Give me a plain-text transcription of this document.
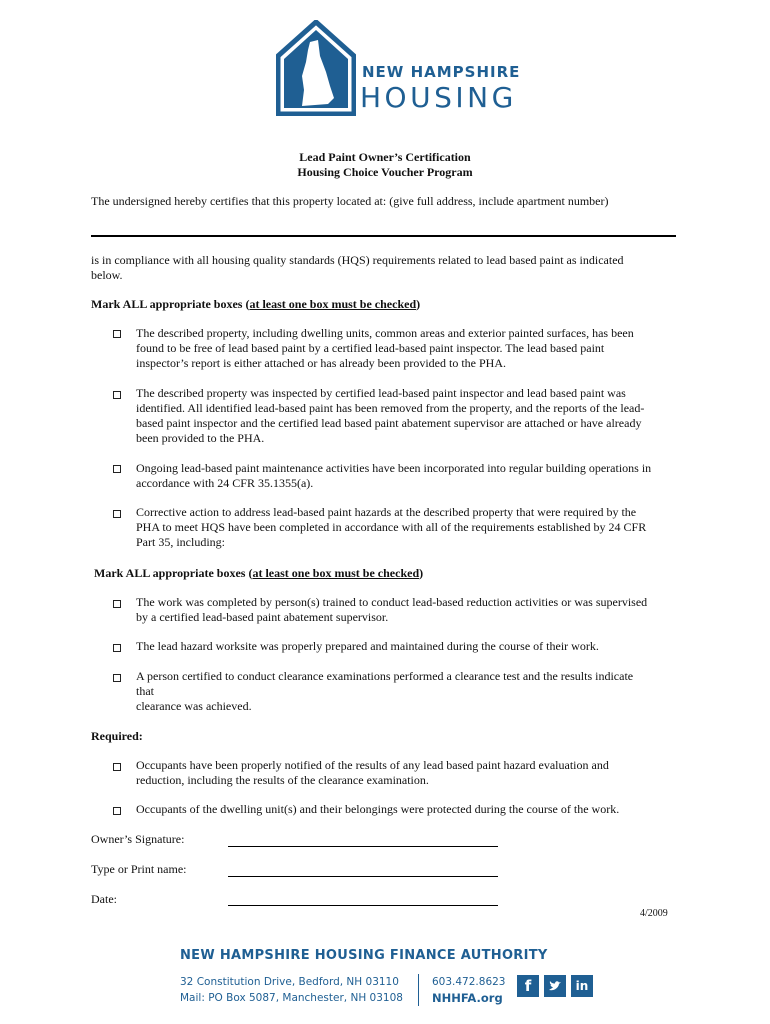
NEW HAMPSHIRE
HOUSING
Lead Paint Owner’s Certification
Housing Choice Voucher Program
The undersigned hereby certifies that this property located at: (give full address, include apartment number)
is in compliance with all housing quality standards (HQS) requirements related to lead based paint as indicated
below.
Mark ALL appropriate boxes (at least one box must be checked)
The described property, including dwelling units, common areas and exterior painted surfaces, has been
found to be free of lead based paint by a certified lead-based paint inspector. The lead based paint
inspector’s report is either attached or has already been provided to the PHA.
The described property was inspected by certified lead-based paint inspector and lead based paint was
identified. All identified lead-based paint has been removed from the property, and the reports of the lead-
based paint inspector and the certified lead based paint abatement supervisor are attached or have already
been provided to the PHA.
Ongoing lead-based paint maintenance activities have been incorporated into regular building operations in
accordance with 24 CFR 35.1355(a).
Corrective action to address lead-based paint hazards at the described property that were required by the
PHA to meet HQS have been completed in accordance with all of the requirements established by 24 CFR
Part 35, including:
Mark ALL appropriate boxes (at least one box must be checked)
The work was completed by person(s) trained to conduct lead-based reduction activities or was supervised
by a certified lead-based paint abatement supervisor.
The lead hazard worksite was properly prepared and maintained during the course of their work.
A person certified to conduct clearance examinations performed a clearance test and the results indicate
that
clearance was achieved.
Required:
Occupants have been properly notified of the results of any lead based paint hazard evaluation and
reduction, including the results of the clearance examination.
Occupants of the dwelling unit(s) and their belongings were protected during the course of the work.
Owner’s Signature:
Type or Print name:
Date:
4/2009
NEW HAMPSHIRE HOUSING FINANCE AUTHORITY
32 Constitution Drive, Bedford, NH 03110
Mail: PO Box 5087, Manchester, NH 03108
603.472.8623
NHHFA.org
f	in
